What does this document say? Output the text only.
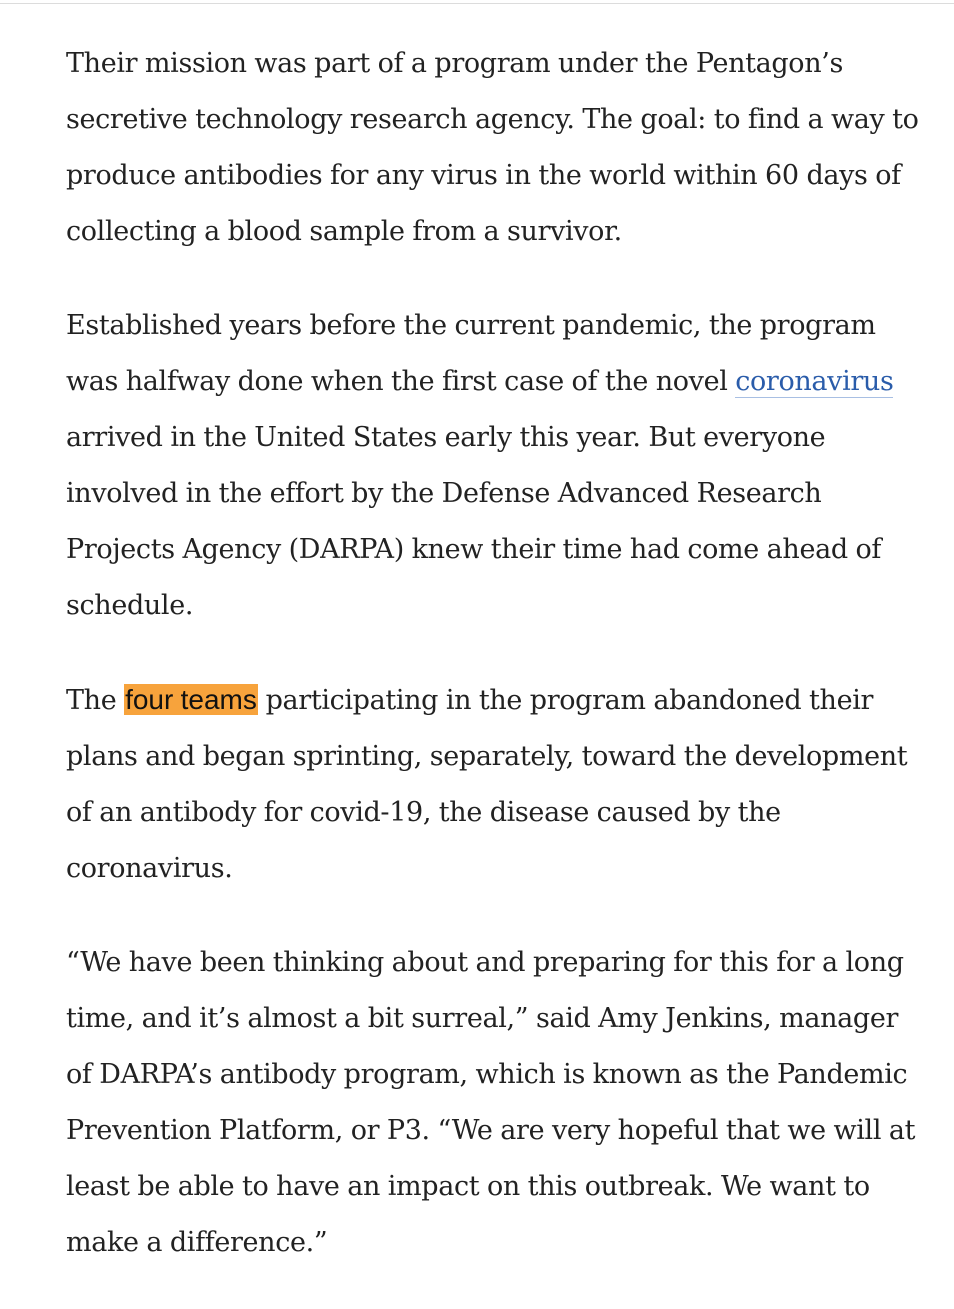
Their mission was part of a program under the Pentagon’s secretive technology research agency. The goal: to find a way to produce antibodies for any virus in the world within 60 days of collecting a blood sample from a survivor.

Established years before the current pandemic, the program was halfway done when the first case of the novel coronavirus arrived in the United States early this year. But everyone involved in the effort by the Defense Advanced Research Projects Agency (DARPA) knew their time had come ahead of schedule.

The four teams participating in the program abandoned their plans and began sprinting, separately, toward the development of an antibody for covid-19, the disease caused by the coronavirus.

“We have been thinking about and preparing for this for a long time, and it’s almost a bit surreal,” said Amy Jenkins, manager of DARPA’s antibody program, which is known as the Pandemic Prevention Platform, or P3. “We are very hopeful that we will at least be able to have an impact on this outbreak. We want to make a difference.”
